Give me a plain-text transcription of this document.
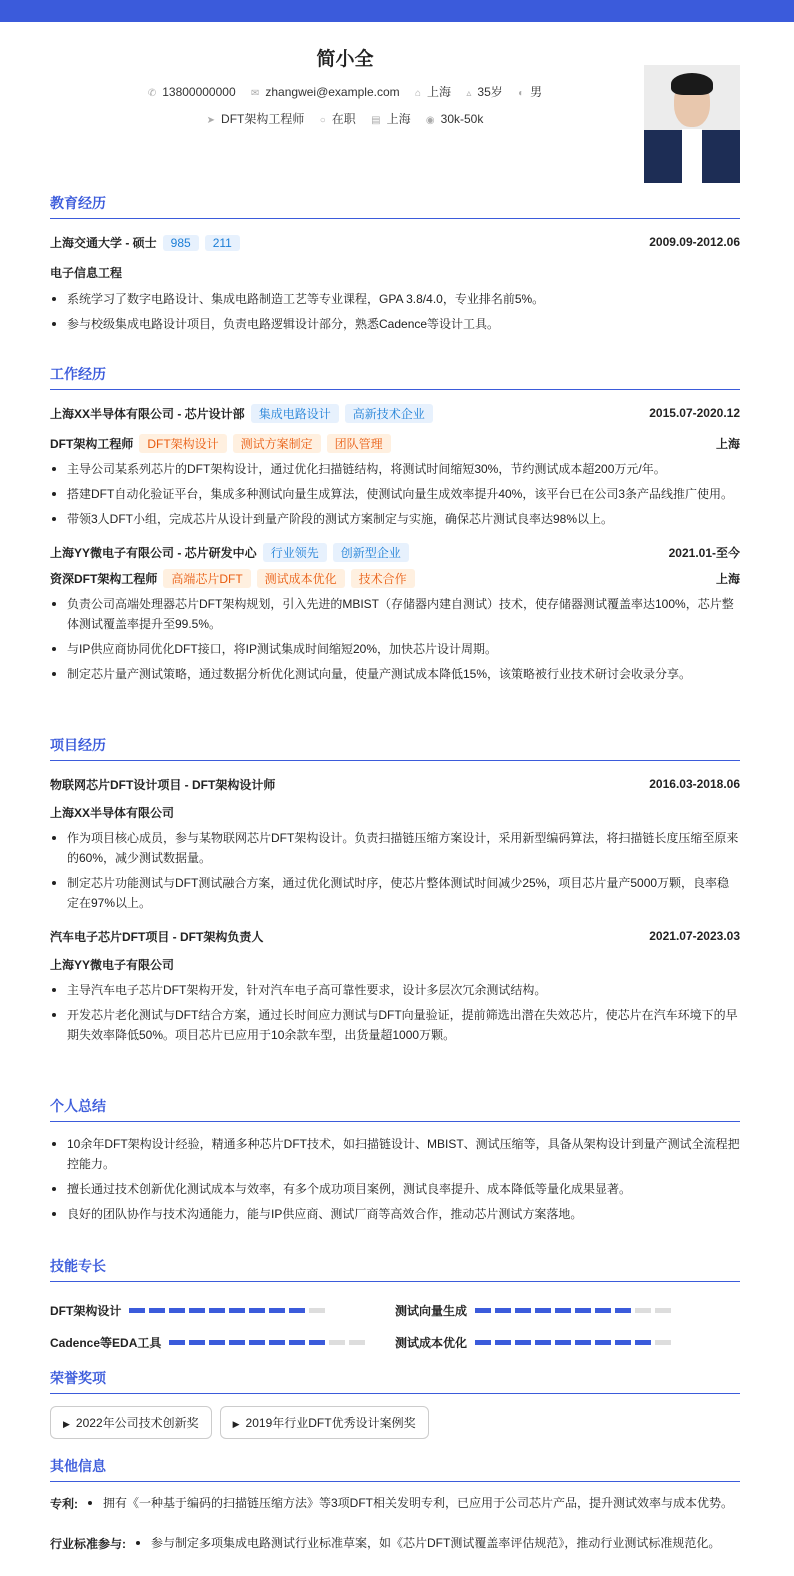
简小全
✆ 13800000000 ✉ zhangwei@example.com ⌂ 上海 ▵ 35岁 ◐ 男
➤ DFT架构工程师 ○ 在职 ▤ 上海 ◉ 30k-50k
教育经历
上海交通大学 - 硕士 985 211	2009.09-2012.06
电子信息工程
系统学习了数字电路设计、集成电路制造工艺等专业课程，GPA 3.8/4.0，专业排名前5%。
参与校级集成电路设计项目，负责电路逻辑设计部分，熟悉Cadence等设计工具。
工作经历
上海XX半导体有限公司 - 芯片设计部 集成电路设计 高新技术企业	2015.07-2020.12
DFT架构工程师 DFT架构设计 测试方案制定 团队管理	上海
主导公司某系列芯片的DFT架构设计，通过优化扫描链结构，将测试时间缩短30%，节约测试成本超200万元/年。
搭建DFT自动化验证平台，集成多种测试向量生成算法，使测试向量生成效率提升40%，该平台已在公司3条产品线推广使用。
带领3人DFT小组，完成芯片从设计到量产阶段的测试方案制定与实施，确保芯片测试良率达98%以上。
上海YY微电子有限公司 - 芯片研发中心 行业领先 创新型企业	2021.01-至今
资深DFT架构工程师 高端芯片DFT 测试成本优化 技术合作	上海
负责公司高端处理器芯片DFT架构规划，引入先进的MBIST（存储器内建自测试）技术，使存储器测试覆盖率达100%，芯片整体测试覆盖率提升至99.5%。
与IP供应商协同优化DFT接口，将IP测试集成时间缩短20%，加快芯片设计周期。
制定芯片量产测试策略，通过数据分析优化测试向量，使量产测试成本降低15%，该策略被行业技术研讨会收录分享。
项目经历
物联网芯片DFT设计项目 - DFT架构设计师	2016.03-2018.06
上海XX半导体有限公司
作为项目核心成员，参与某物联网芯片DFT架构设计。负责扫描链压缩方案设计，采用新型编码算法，将扫描链长度压缩至原来的60%，减少测试数据量。
制定芯片功能测试与DFT测试融合方案，通过优化测试时序，使芯片整体测试时间减少25%，项目芯片量产5000万颗，良率稳定在97%以上。
汽车电子芯片DFT项目 - DFT架构负责人	2021.07-2023.03
上海YY微电子有限公司
主导汽车电子芯片DFT架构开发，针对汽车电子高可靠性要求，设计多层次冗余测试结构。
开发芯片老化测试与DFT结合方案，通过长时间应力测试与DFT向量验证，提前筛选出潜在失效芯片，使芯片在汽车环境下的早期失效率降低50%。项目芯片已应用于10余款车型，出货量超1000万颗。
个人总结
10余年DFT架构设计经验，精通多种芯片DFT技术，如扫描链设计、MBIST、测试压缩等，具备从架构设计到量产测试全流程把控能力。
擅长通过技术创新优化测试成本与效率，有多个成功项目案例，测试良率提升、成本降低等量化成果显著。
良好的团队协作与技术沟通能力，能与IP供应商、测试厂商等高效合作，推动芯片测试方案落地。
技能专长
DFT架构设计	测试向量生成
Cadence等EDA工具	测试成本优化
荣誉奖项
▶ 2022年公司技术创新奖	▶ 2019年行业DFT优秀设计案例奖
其他信息
专利:	拥有《一种基于编码的扫描链压缩方法》等3项DFT相关发明专利，已应用于公司芯片产品，提升测试效率与成本优势。
行业标准参与:	参与制定多项集成电路测试行业标准草案，如《芯片DFT测试覆盖率评估规范》，推动行业测试标准规范化。
